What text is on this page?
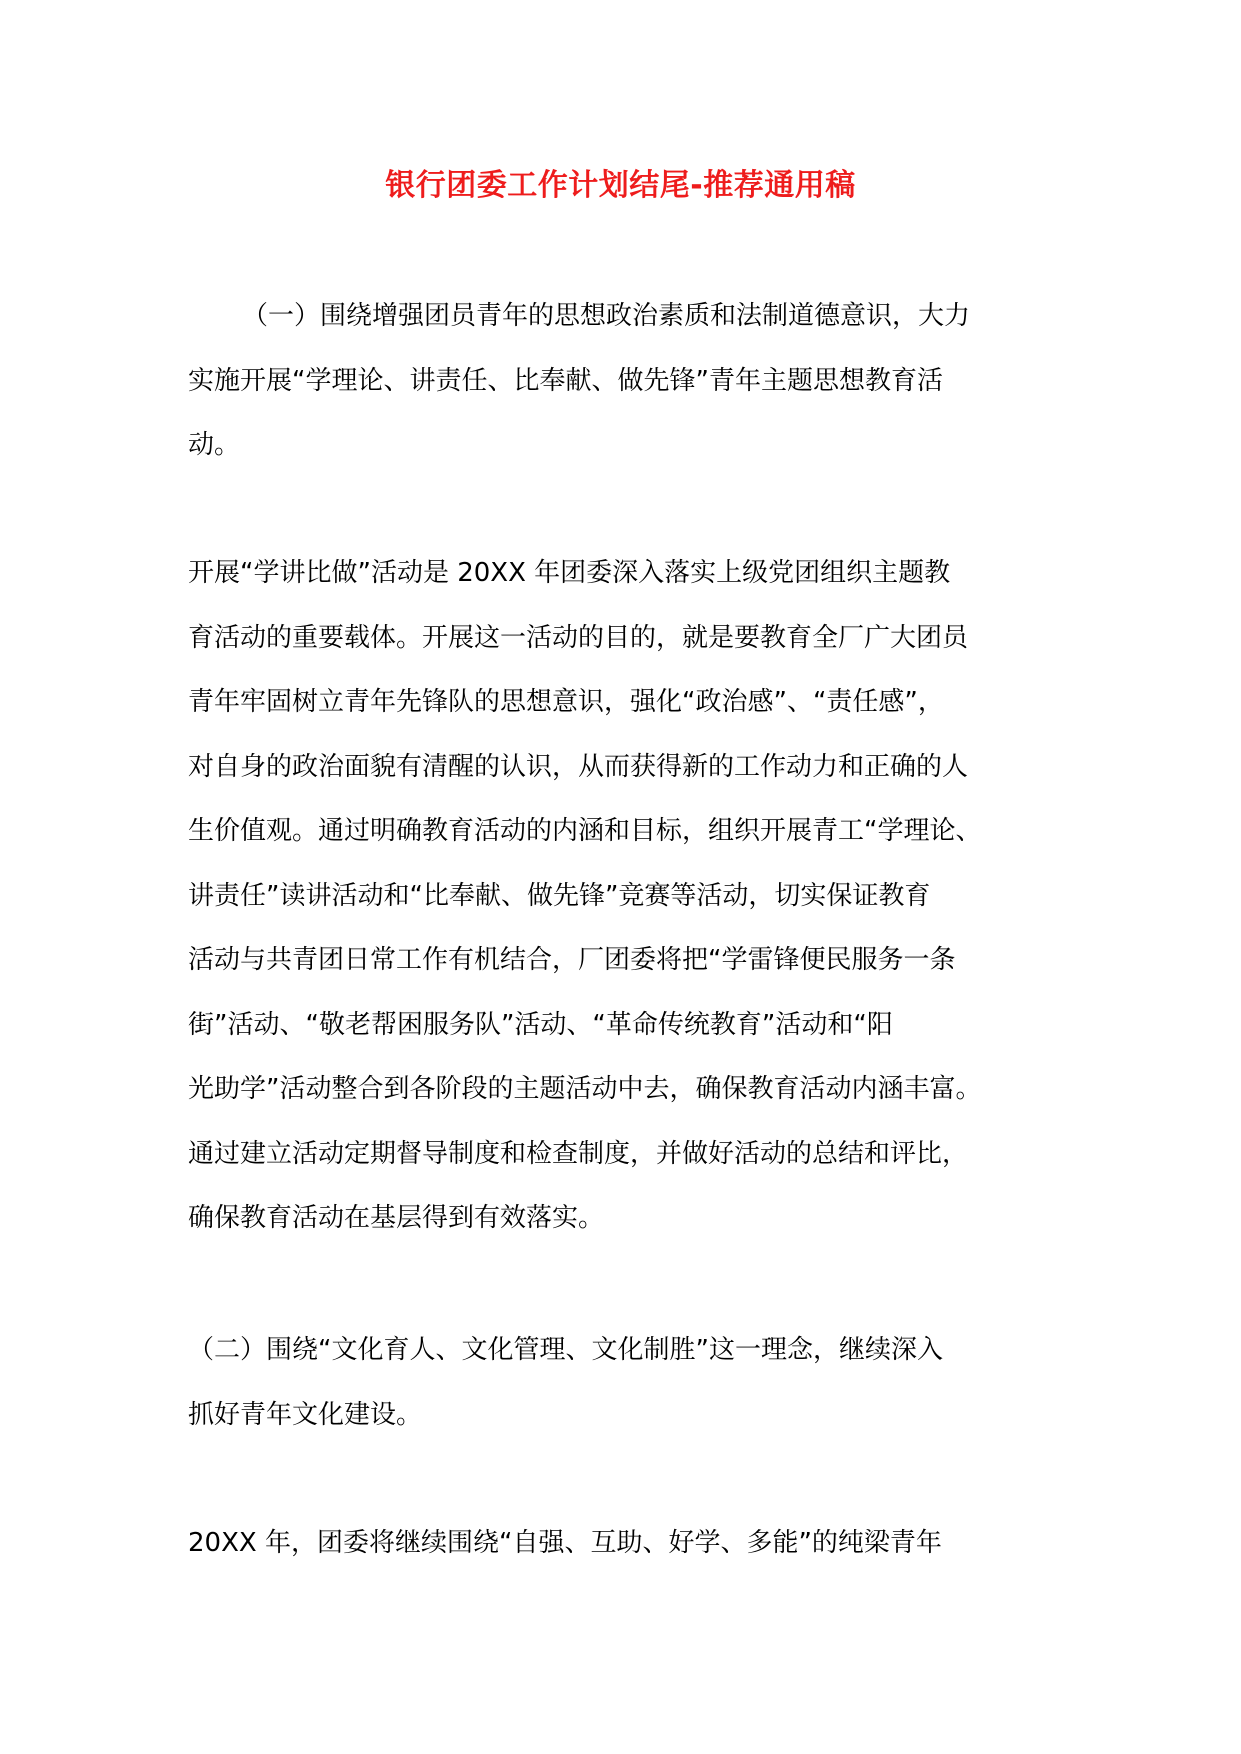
银行团委工作计划结尾-推荐通用稿

（一）围绕增强团员青年的思想政治素质和法制道德意识，大力
实施开展“学理论、讲责任、比奉献、做先锋”青年主题思想教育活
动。

开展“学讲比做”活动是 20XX 年团委深入落实上级党团组织主题教
育活动的重要载体。开展这一活动的目的，就是要教育全厂广大团员
青年牢固树立青年先锋队的思想意识，强化“政治感”、“责任感”，
对自身的政治面貌有清醒的认识，从而获得新的工作动力和正确的人
生价值观。通过明确教育活动的内涵和目标，组织开展青工“学理论、
讲责任”读讲活动和“比奉献、做先锋”竞赛等活动，切实保证教育
活动与共青团日常工作有机结合，厂团委将把“学雷锋便民服务一条
街”活动、“敬老帮困服务队”活动、“革命传统教育”活动和“阳
光助学”活动整合到各阶段的主题活动中去，确保教育活动内涵丰富。
通过建立活动定期督导制度和检查制度，并做好活动的总结和评比，
确保教育活动在基层得到有效落实。

（二）围绕“文化育人、文化管理、文化制胜”这一理念，继续深入
抓好青年文化建设。

20XX 年，团委将继续围绕“自强、互助、好学、多能”的纯梁青年
